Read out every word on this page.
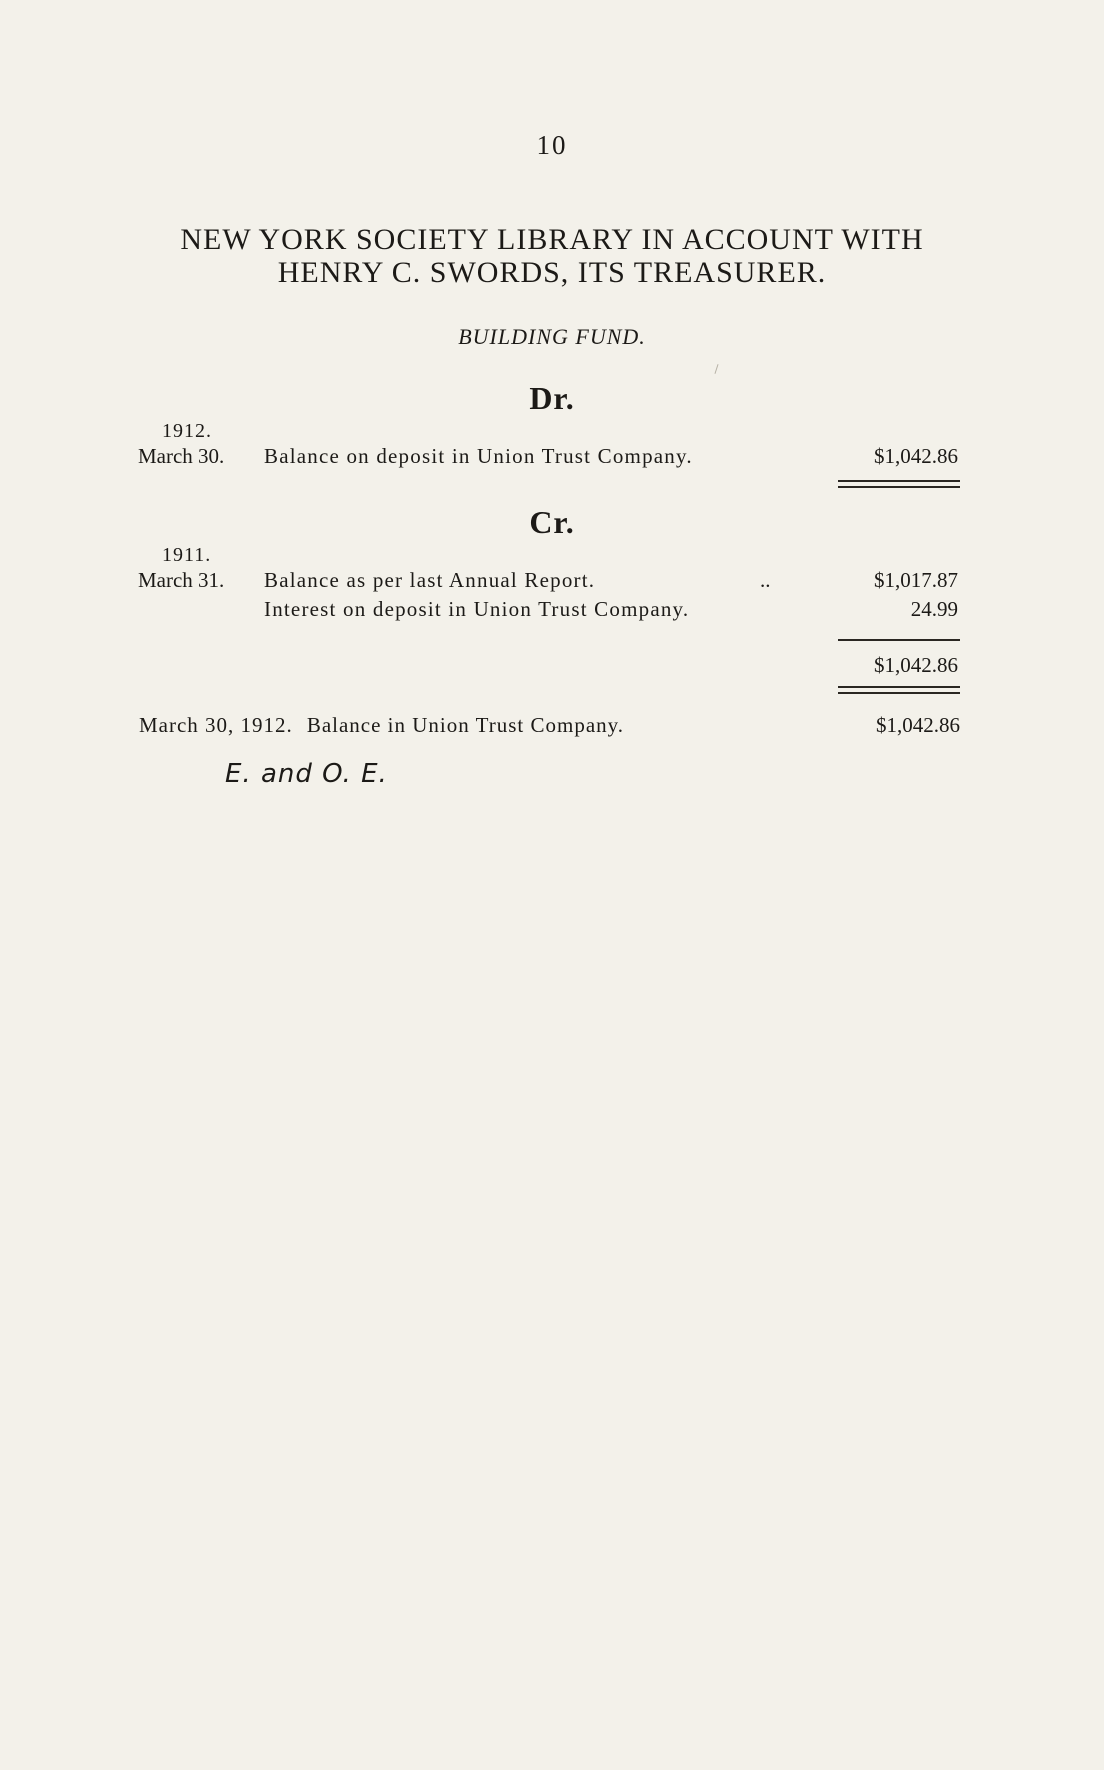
10
NEW YORK SOCIETY LIBRARY IN ACCOUNT WITH
HENRY C. SWORDS, ITS TREASURER.
BUILDING FUND.
Dr.
1912.
March 30. Balance on deposit in Union Trust Company.	$1,042.86
Cr.
1911.
March 31. Balance as per last Annual Report.	..	$1,017.87
Interest on deposit in Union Trust Company.	24.99
$1,042.86
March 30, 1912. Balance in Union Trust Company.	$1,042.86
E. and O. E.
